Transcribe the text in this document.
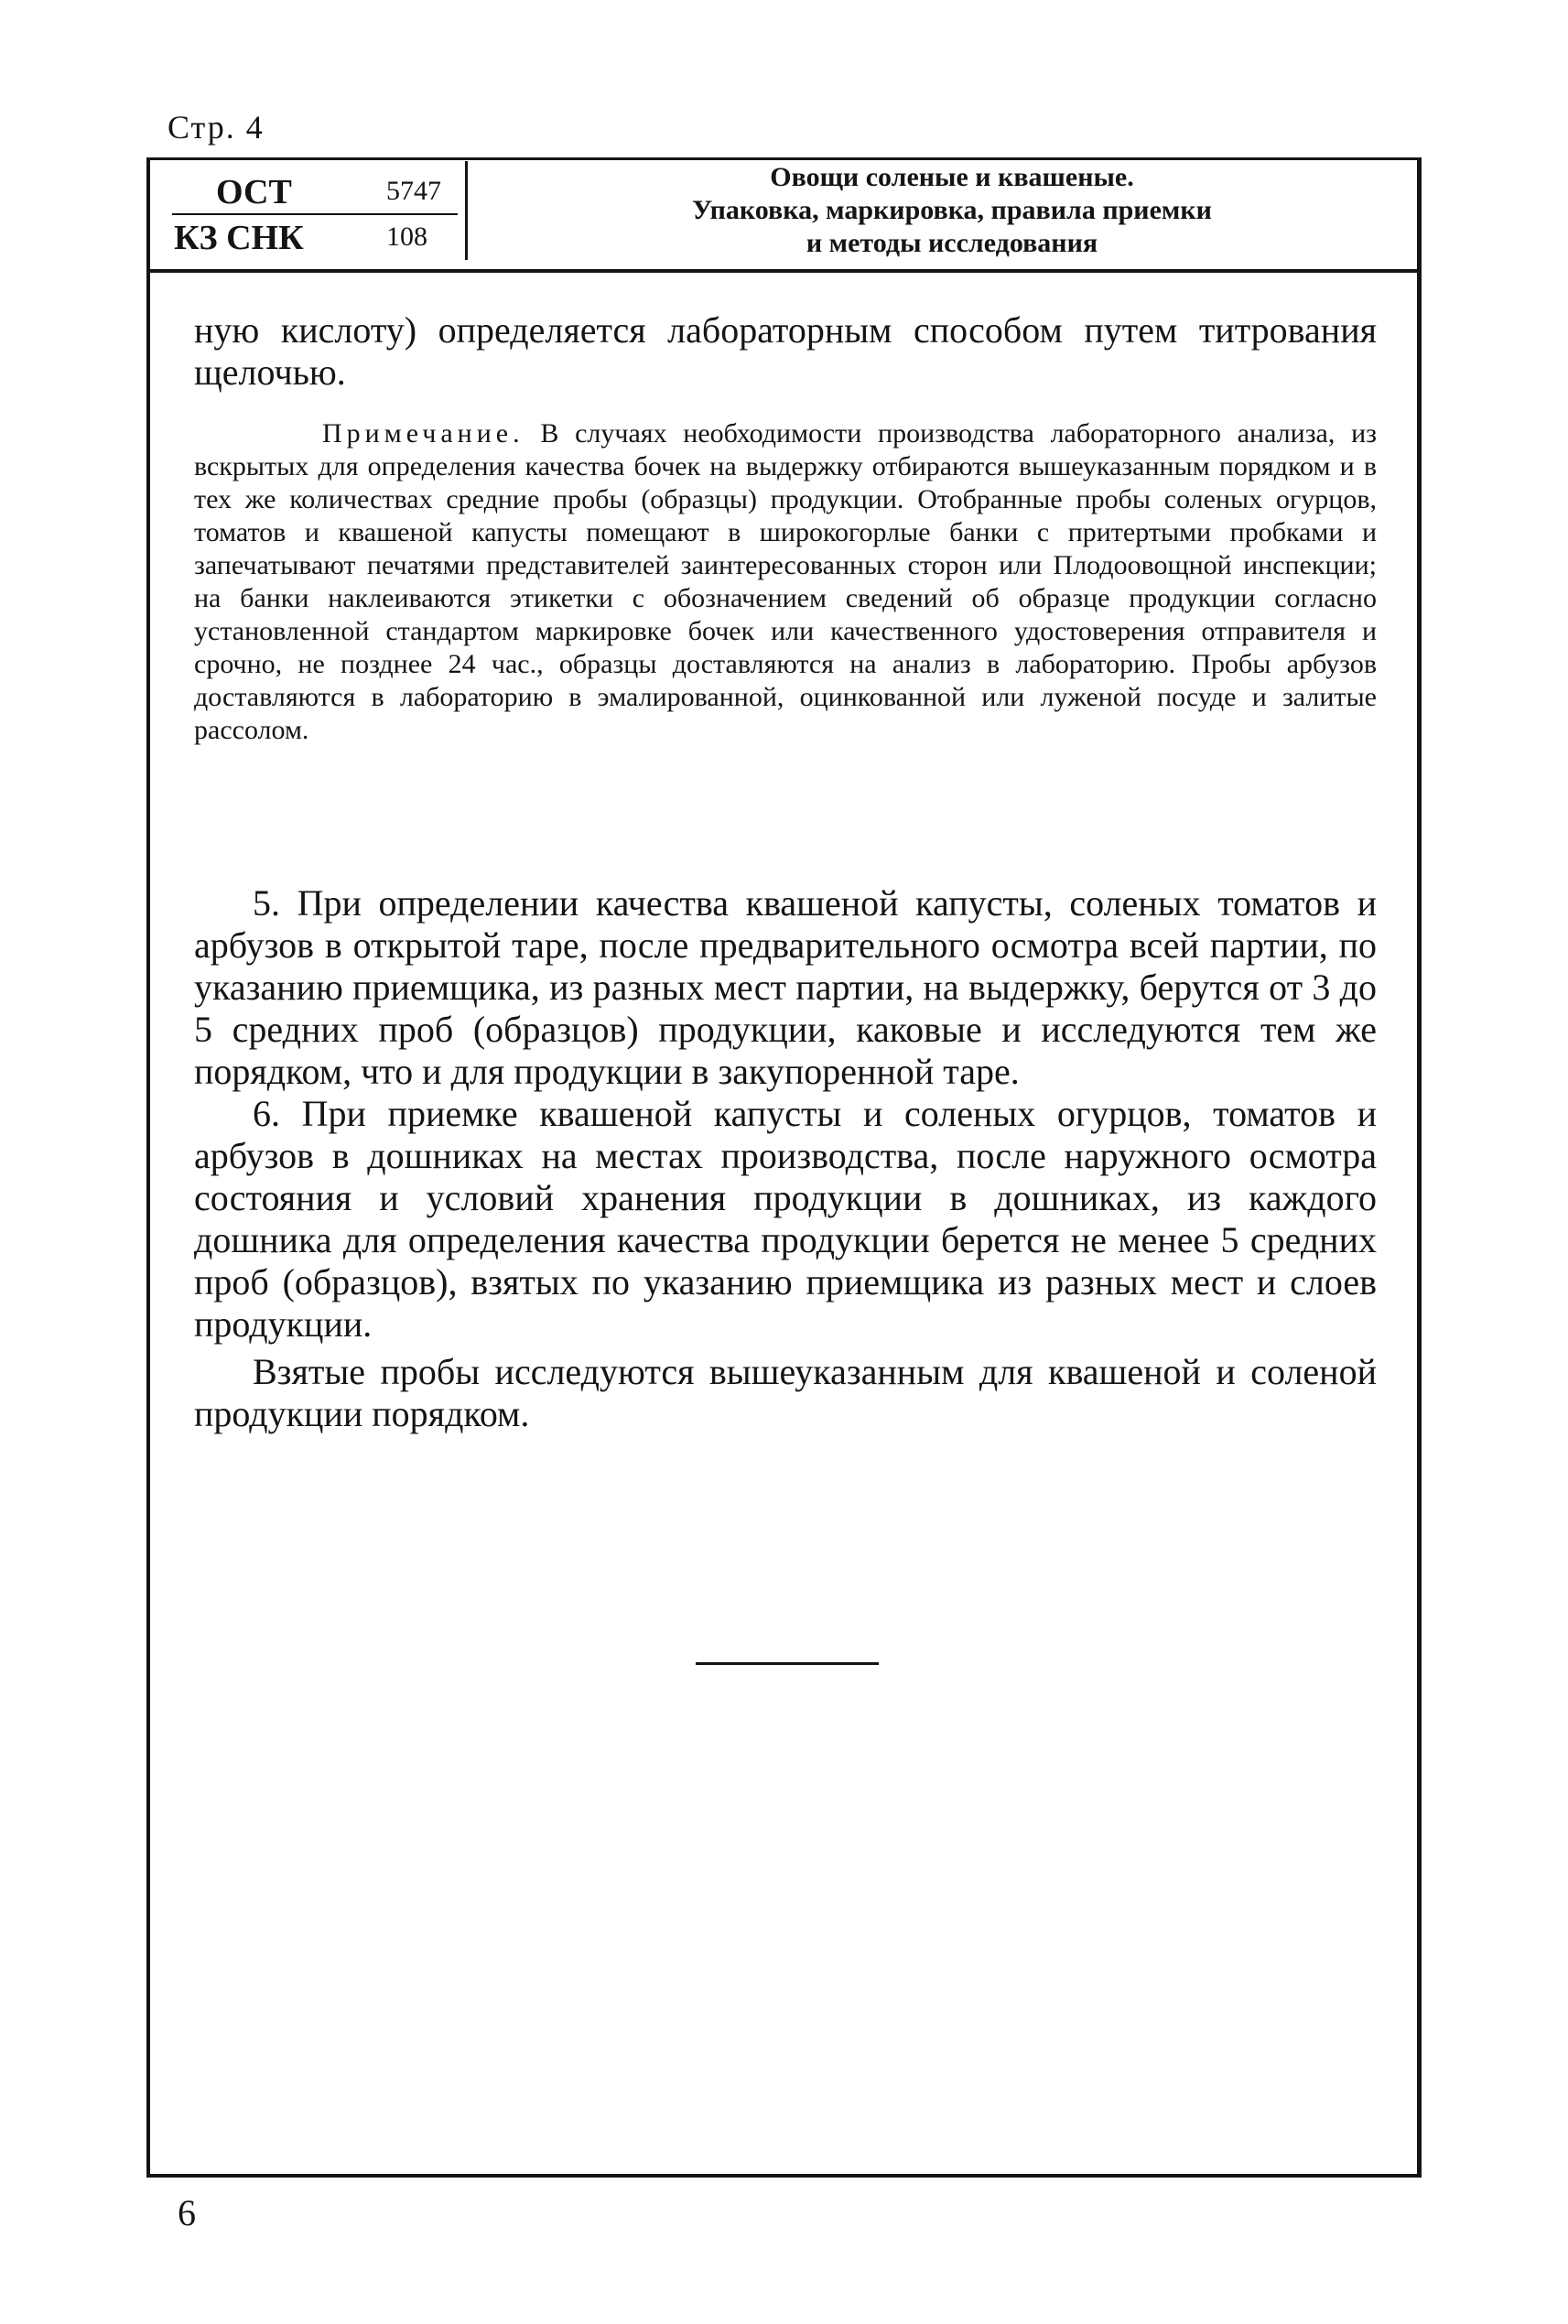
Стр. 4
ОСТ	5747
КЗ СНК	108
Овощи соленые и квашеные.
Упаковка, маркировка, правила приемки
и методы исследования

ную кислоту) определяется лабораторным способом путем титрования щелочью.

Примечание. В случаях необходимости производства лабораторного анализа, из вскрытых для определения качества бочек на выдержку отбираются вышеуказанным порядком и в тех же количествах средние пробы (образцы) продукции. Отобранные пробы соленых огурцов, томатов и квашеной капусты помещают в широкогорлые банки с притертыми пробками и запечатывают печатями представителей заинтересованных сторон или Плодоовощной инспекции; на банки наклеиваются этикетки с обозначением сведений об образце продукции согласно установленной стандартом маркировке бочек или качественного удостоверения отправителя и срочно, не позднее 24 час., образцы доставляются на анализ в лабораторию. Пробы арбузов доставляются в лабораторию в эмалированной, оцинкованной или луженой посуде и залитые рассолом.

5. При определении качества квашеной капусты, соленых томатов и арбузов в открытой таре, после предварительного осмотра всей партии, по указанию приемщика, из разных мест партии, на выдержку, берутся от 3 до 5 средних проб (образцов) продукции, каковые и исследуются тем же порядком, что и для продукции в закупоренной таре.

6. При приемке квашеной капусты и соленых огурцов, томатов и арбузов в дошниках на местах производства, после наружного осмотра состояния и условий хранения продукции в дошниках, из каждого дошника для определения качества продукции берется не менее 5 средних проб (образцов), взятых по указанию приемщика из разных мест и слоев продукции.

Взятые пробы исследуются вышеуказанным для квашеной и соленой продукции порядком.

6
